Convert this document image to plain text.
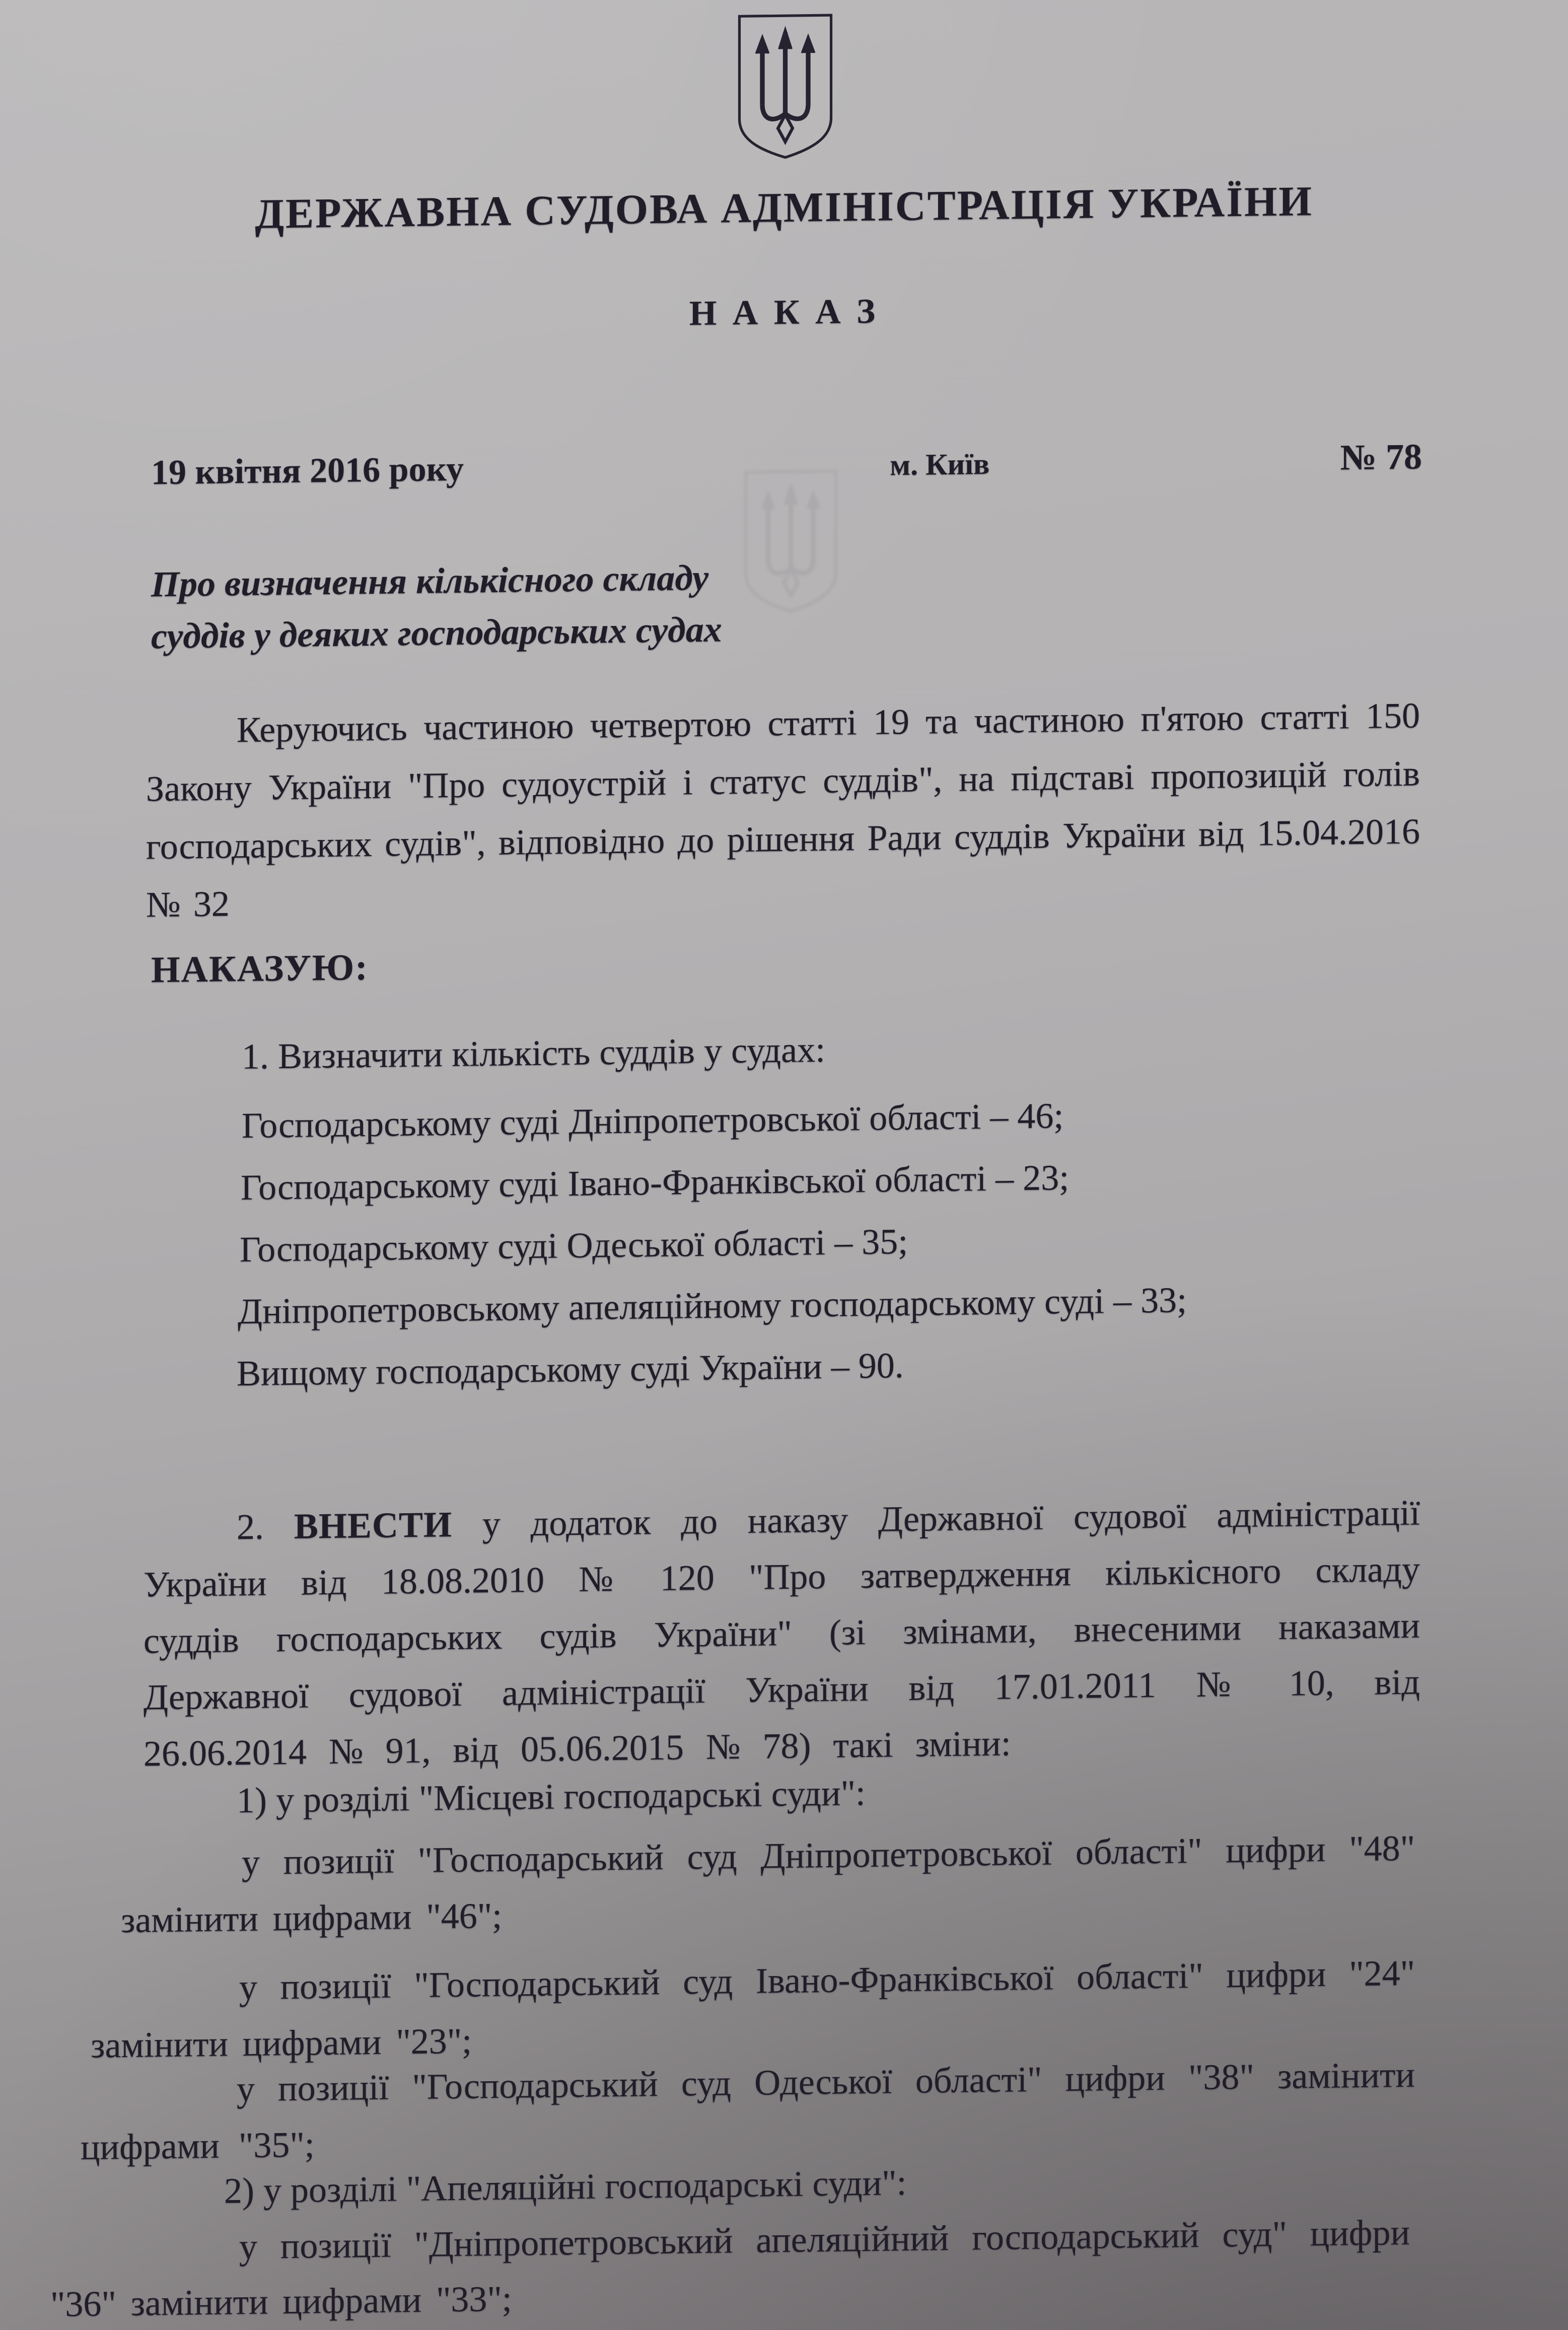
ДЕРЖАВНА СУДОВА АДМІНІСТРАЦІЯ УКРАЇНИ
Н А К А З
19 квітня 2016 року	м. Київ	№ 78
Про визначення кількісного складу
суддів у деяких господарських судах

Керуючись частиною четвертою статті 19 та частиною п'ятою статті 150 Закону України "Про судоустрій і статус суддів", на підставі пропозицій голів господарських судів", відповідно до рішення Ради суддів України від 15.04.2016 № 32

НАКАЗУЮ:
1. Визначити кількість суддів у судах:
Господарському суді Дніпропетровської області – 46;
Господарському суді Івано-Франківської області – 23;
Господарському суді Одеської області – 35;
Дніпропетровському апеляційному господарському суді – 33;
Вищому господарському суді України – 90.

2. ВНЕСТИ у додаток до наказу Державної судової адміністрації України від 18.08.2010 № 120 "Про затвердження кількісного складу суддів господарських судів України" (зі змінами, внесеними наказами Державної судової адміністрації України від 17.01.2011 № 10, від 26.06.2014 № 91, від 05.06.2015 № 78) такі зміни:

1) у розділі "Місцеві господарські суди":

у позиції "Господарський суд Дніпропетровської області" цифри "48" замінити цифрами "46";

у позиції "Господарський суд Івано-Франківської області" цифри "24" замінити цифрами "23";

у позиції "Господарський суд Одеської області" цифри "38" замінити цифрами "35";

2) у розділі "Апеляційні господарські суди":

у позиції "Дніпропетровський апеляційний господарський суд" цифри "36" замінити цифрами "33";
